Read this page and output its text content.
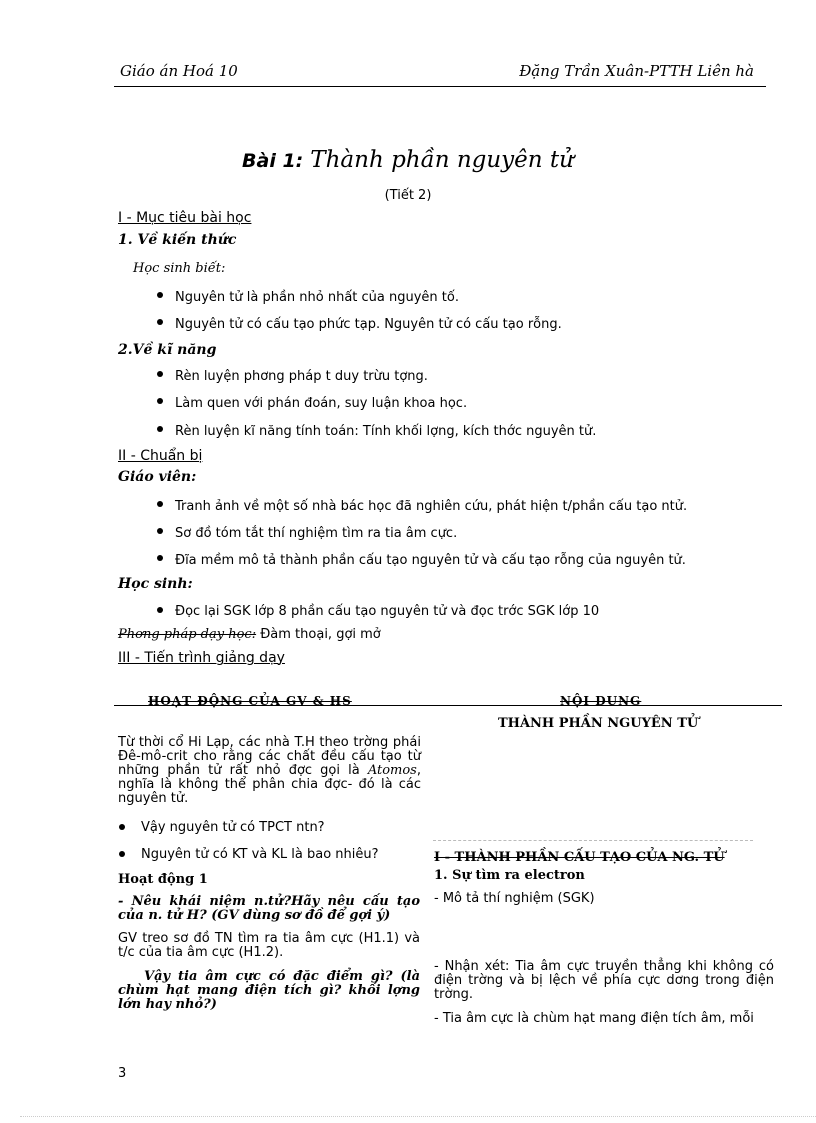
Giáo án Hoá 10	Đặng Trần Xuân-PTTH Liên hà
Bài 1: Thành phần nguyên tử
(Tiết 2)
I - Mục tiêu bài học
1. Về kiến thức
Học sinh biết:
Nguyên tử là phần nhỏ nhất của nguyên tố.
Nguyên tử có cấu tạo phức tạp. Nguyên tử có cấu tạo rỗng.
2.Về kĩ năng
Rèn luyện phơng pháp t duy trừu tợng.
Làm quen với phán đoán, suy luận khoa học.
Rèn luyện kĩ năng tính toán: Tính khối lợng, kích thớc nguyên tử.
II - Chuẩn bị
Giáo viên:
Tranh ảnh về một số nhà bác học đã nghiên cứu, phát hiện t/phần cấu tạo ntử.
Sơ đồ tóm tắt thí nghiệm tìm ra tia âm cực.
Đĩa mềm mô tả thành phần cấu tạo nguyên tử và cấu tạo rỗng của nguyên tử.
Học sinh:
Đọc lại SGK lớp 8 phần cấu tạo nguyên tử và đọc trớc SGK lớp 10
Phơng pháp dạy học: Đàm thoại, gợi mở
III - Tiến trình giảng dạy
HOẠT ĐỘNG CỦA GV & HS	NỘI DUNG
Từ thời cổ Hi Lạp, các nhà T.H theo trờng phái Đê-mô-crit cho rằng các chất đều cấu tạo từ những phần tử rất nhỏ đợc gọi là Atomos, nghĩa là không thể phân chia đợc- đó là các nguyên tử.
Vậy nguyên tử có TPCT ntn?
Nguyên tử có KT và KL là bao nhiêu?
Hoạt động 1
- Nêu khái niệm n.tử?Hãy nêu cấu tạo của n. tử H? (GV dùng sơ đồ để gợi ý)
GV treo sơ đồ TN tìm ra tia âm cực (H1.1) và t/c của tia âm cực (H1.2).
Vậy tia âm cực có đặc điểm gì? (là chùm hạt mang điện tích gì? khối lợng lớn hay nhỏ?)
THÀNH PHẦN NGUYÊN TỬ
I - THÀNH PHẦN CẤU TẠO CỦA NG. TỬ
1. Sự tìm ra electron
- Mô tả thí nghiệm (SGK)
- Nhận xét: Tia âm cực truyền thẳng khi không có điện trờng và bị lệch về phía cực dơng trong điện trờng.
- Tia âm cực là chùm hạt mang điện tích âm, mỗi
3
